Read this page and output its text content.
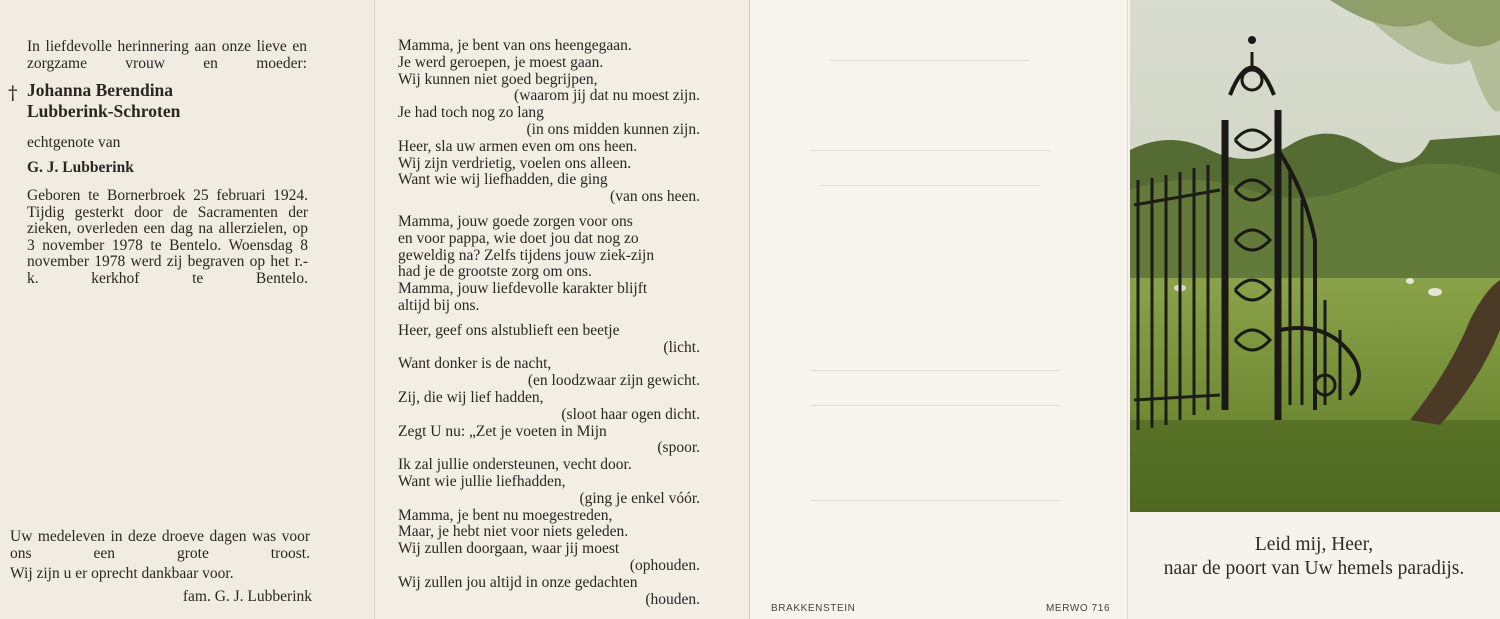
In liefdevolle herinnering aan onze lieve en zorgzame vrouw en moeder:
† Johanna Berendina
Lubberink-Schroten
echtgenote van
G. J. Lubberink
Geboren te Bornerbroek 25 februari 1924. Tijdig gesterkt door de Sacramenten der zieken, overleden een dag na allerzielen, op 3 november 1978 te Bentelo. Woensdag 8 november 1978 werd zij begraven op het r.-k. kerkhof te Bentelo.
Uw medeleven in deze droeve dagen was voor ons een grote troost.
Wij zijn u er oprecht dankbaar voor.
fam. G. J. Lubberink
Mamma, je bent van ons heengegaan.
Je werd geroepen, je moest gaan.
Wij kunnen niet goed begrijpen,
(waarom jij dat nu moest zijn.
Je had toch nog zo lang
(in ons midden kunnen zijn.
Heer, sla uw armen even om ons heen.
Wij zijn verdrietig, voelen ons alleen.
Want wie wij liefhadden, die ging
(van ons heen.
Mamma, jouw goede zorgen voor ons
en voor pappa, wie doet jou dat nog zo
geweldig na? Zelfs tijdens jouw ziek-zijn
had je de grootste zorg om ons.
Mamma, jouw liefdevolle karakter blijft
altijd bij ons.
Heer, geef ons alstublieft een beetje
(licht.
Want donker is de nacht,
(en loodzwaar zijn gewicht.
Zij, die wij lief hadden,
(sloot haar ogen dicht.
Zegt U nu: „Zet je voeten in Mijn
(spoor.
Ik zal jullie ondersteunen, vecht door.
Want wie jullie liefhadden,
(ging je enkel vóór.
Mamma, je bent nu moegestreden,
Maar, je hebt niet voor niets geleden.
Wij zullen doorgaan, waar jij moest
(ophouden.
Wij zullen jou altijd in onze gedachten
(houden.
BRAKKENSTEIN	MERWO 716
Leid mij, Heer,
naar de poort van Uw hemels paradijs.
